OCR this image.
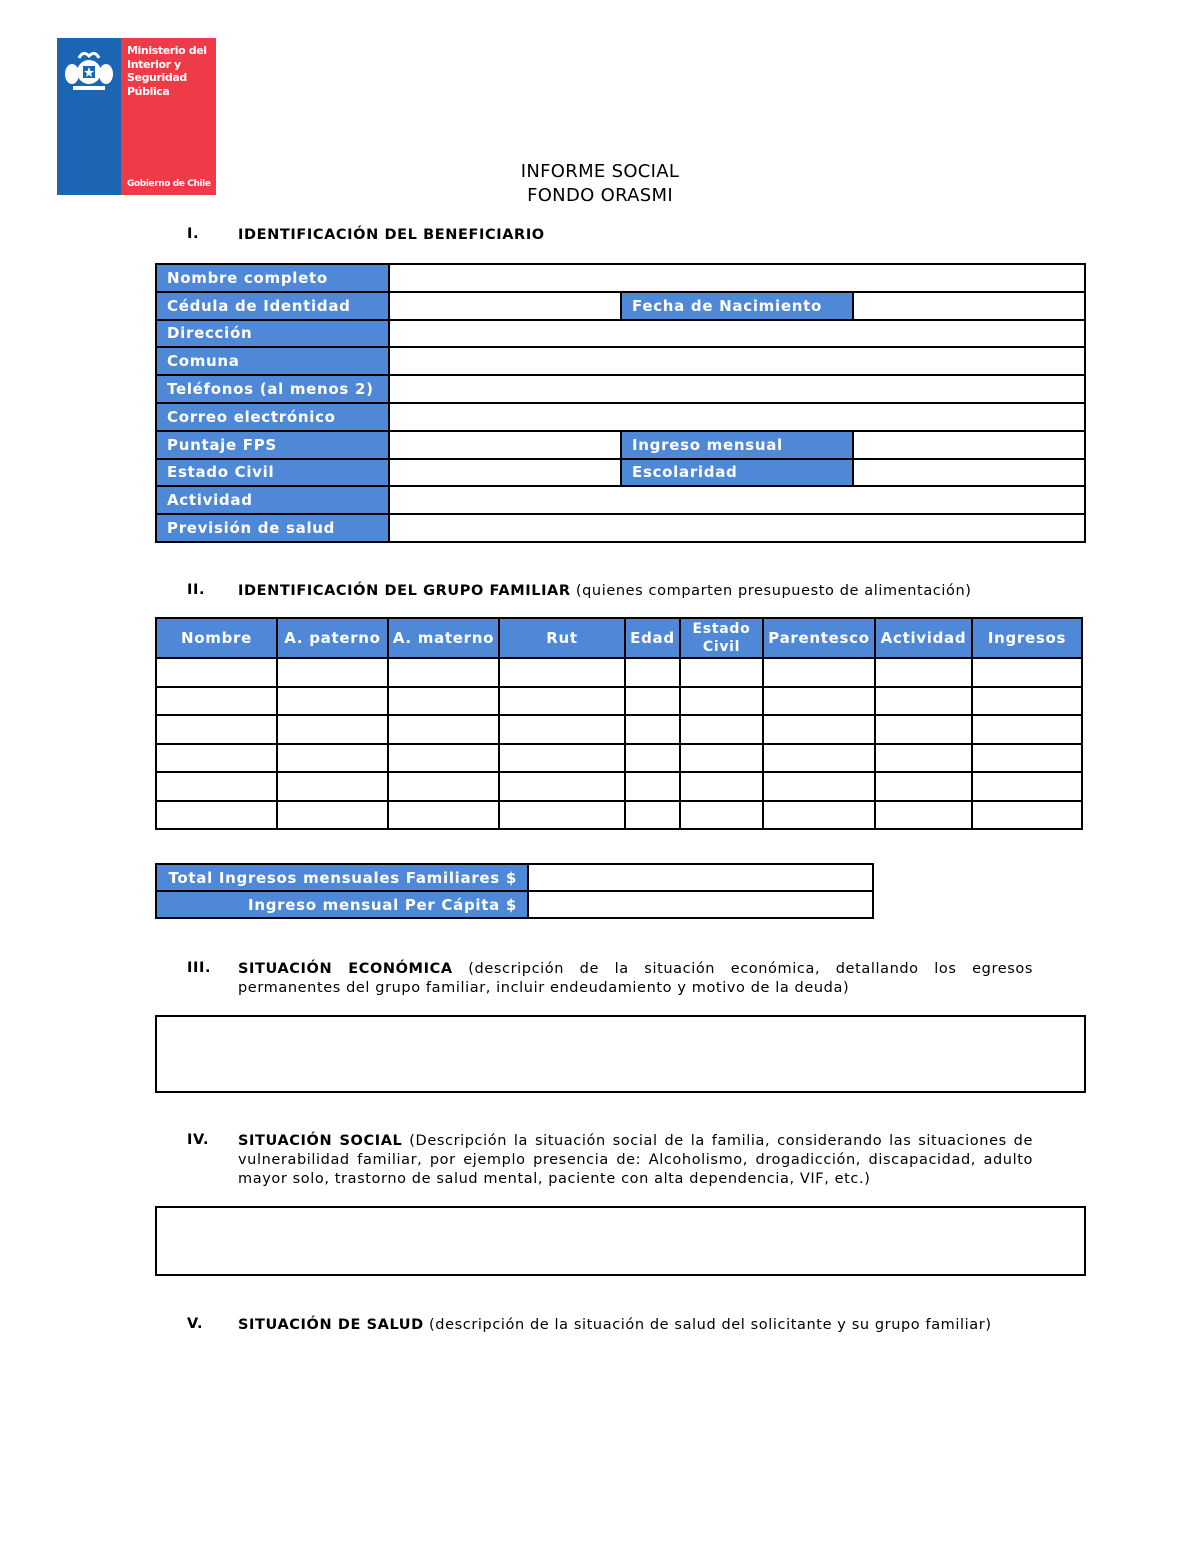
Ministerio del
Interior y
Seguridad
Pública
Gobierno de Chile
INFORME SOCIAL
FONDO ORASMI
I.	IDENTIFICACIÓN DEL BENEFICIARIO
Nombre completo			
Cédula de Identidad		Fecha de Nacimiento	
Dirección			
Comuna			
Teléfonos (al menos 2)			
Correo electrónico			
Puntaje FPS		Ingreso mensual	
Estado Civil		Escolaridad	
Actividad			
Previsión de salud			
II. IDENTIFICACIÓN DEL GRUPO FAMILIAR (quienes comparten presupuesto de alimentación)
Nombre	A. paterno	A. materno	Rut	Edad	Estado Civil	Parentesco	Actividad	Ingresos

Total Ingresos mensuales Familiares $	
Ingreso mensual Per Cápita $	
III. SITUACIÓN ECONÓMICA (descripción de la situación económica, detallando los egresos permanentes del grupo familiar, incluir endeudamiento y motivo de la deuda)
IV. SITUACIÓN SOCIAL (Descripción la situación social de la familia, considerando las situaciones de vulnerabilidad familiar, por ejemplo presencia de: Alcoholismo, drogadicción, discapacidad, adulto mayor solo, trastorno de salud mental, paciente con alta dependencia, VIF, etc.)
V. SITUACIÓN DE SALUD (descripción de la situación de salud del solicitante y su grupo familiar)
